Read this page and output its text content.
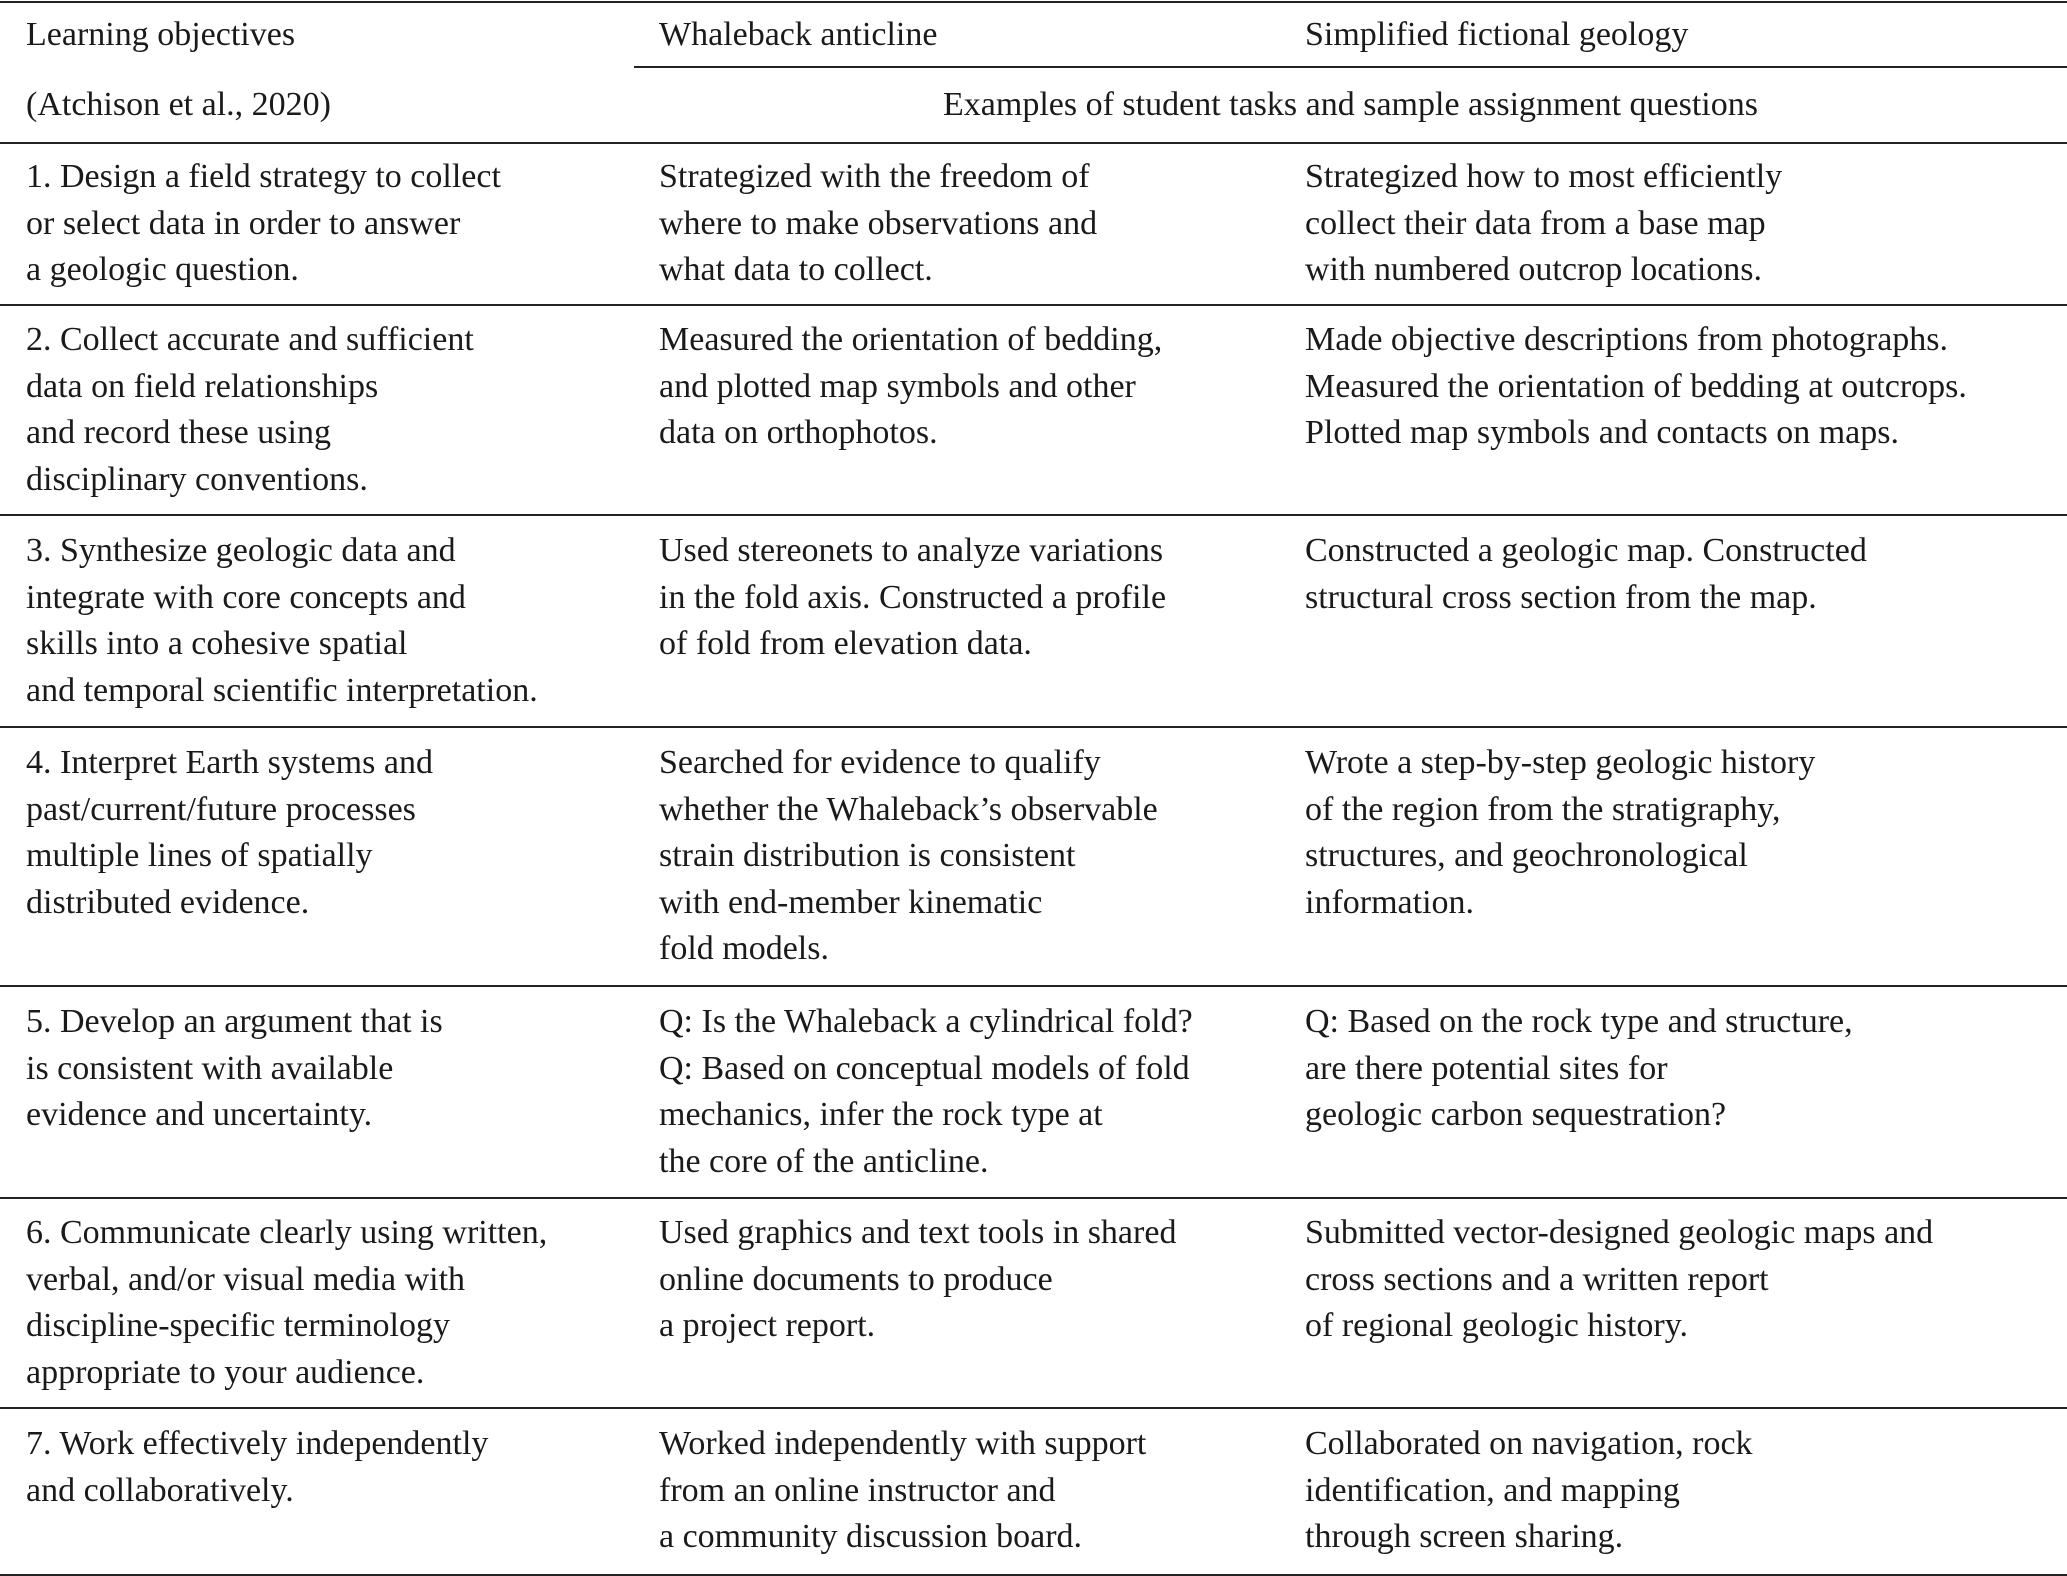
Learning objectives
(Atchison et al., 2020)
Whaleback anticline	Simplified fictional geology
Examples of student tasks and sample assignment questions
1. Design a field strategy to collect
or select data in order to answer
a geologic question.
Strategized with the freedom of
where to make observations and
what data to collect.
Strategized how to most efficiently
collect their data from a base map
with numbered outcrop locations.
2. Collect accurate and sufficient
data on field relationships
and record these using
disciplinary conventions.
Measured the orientation of bedding,
and plotted map symbols and other
data on orthophotos.
Made objective descriptions from photographs.
Measured the orientation of bedding at outcrops.
Plotted map symbols and contacts on maps.
3. Synthesize geologic data and
integrate with core concepts and
skills into a cohesive spatial
and temporal scientific interpretation.
Used stereonets to analyze variations
in the fold axis. Constructed a profile
of fold from elevation data.
Constructed a geologic map. Constructed
structural cross section from the map.
4. Interpret Earth systems and
past/current/future processes
multiple lines of spatially
distributed evidence.
Searched for evidence to qualify
whether the Whaleback’s observable
strain distribution is consistent
with end-member kinematic
fold models.
Wrote a step-by-step geologic history
of the region from the stratigraphy,
structures, and geochronological
information.
5. Develop an argument that is
is consistent with available
evidence and uncertainty.
Q: Is the Whaleback a cylindrical fold?
Q: Based on conceptual models of fold
mechanics, infer the rock type at
the core of the anticline.
Q: Based on the rock type and structure,
are there potential sites for
geologic carbon sequestration?
6. Communicate clearly using written,
verbal, and/or visual media with
discipline-specific terminology
appropriate to your audience.
Used graphics and text tools in shared
online documents to produce
a project report.
Submitted vector-designed geologic maps and
cross sections and a written report
of regional geologic history.
7. Work effectively independently
and collaboratively.
Worked independently with support
from an online instructor and
a community discussion board.
Collaborated on navigation, rock
identification, and mapping
through screen sharing.
